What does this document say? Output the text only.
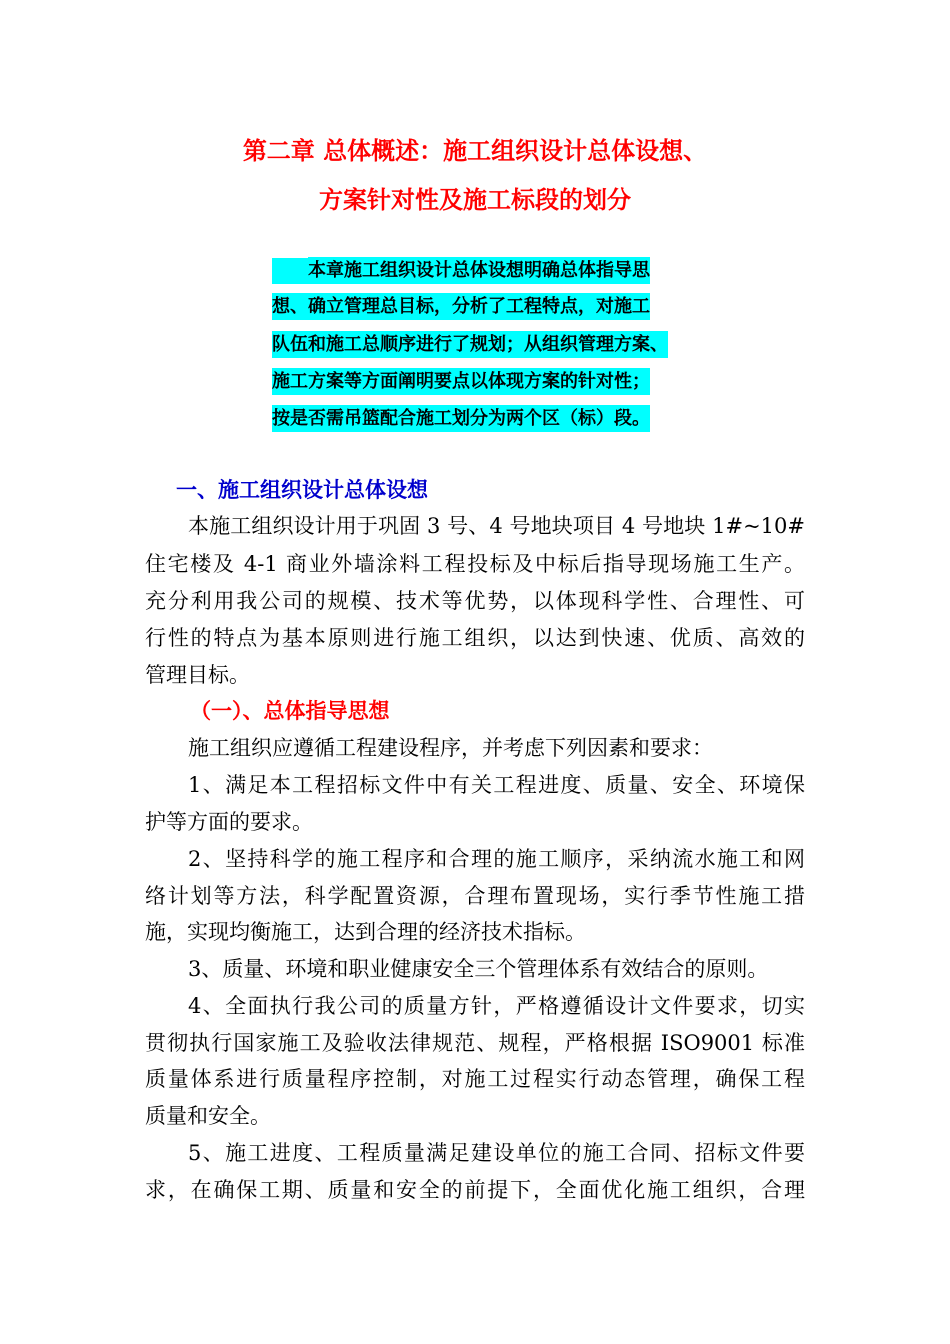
第二章 总体概述：施工组织设计总体设想、
方案针对性及施工标段的划分
本章施工组织设计总体设想明确总体指导思
想、确立管理总目标，分析了工程特点，对施工
队伍和施工总顺序进行了规划；从组织管理方案、
施工方案等方面阐明要点以体现方案的针对性；
按是否需吊篮配合施工划分为两个区（标）段。
一、施工组织设计总体设想
本施工组织设计用于巩固 3 号、4 号地块项目 4 号地块 1#~10#
住宅楼及 4-1 商业外墙涂料工程投标及中标后指导现场施工生产。
充分利用我公司的规模、技术等优势，以体现科学性、合理性、可
行性的特点为基本原则进行施工组织，以达到快速、优质、高效的
管理目标。
（一）、总体指导思想
施工组织应遵循工程建设程序，并考虑下列因素和要求：
1、满足本工程招标文件中有关工程进度、质量、安全、环境保
护等方面的要求。
2、坚持科学的施工程序和合理的施工顺序，采纳流水施工和网
络计划等方法，科学配置资源，合理布置现场，实行季节性施工措
施，实现均衡施工，达到合理的经济技术指标。
3、质量、环境和职业健康安全三个管理体系有效结合的原则。
4、全面执行我公司的质量方针，严格遵循设计文件要求，切实
贯彻执行国家施工及验收法律规范、规程，严格根据 ISO9001 标准
质量体系进行质量程序控制，对施工过程实行动态管理，确保工程
质量和安全。
5、施工进度、工程质量满足建设单位的施工合同、招标文件要
求，在确保工期、质量和安全的前提下，全面优化施工组织，合理
